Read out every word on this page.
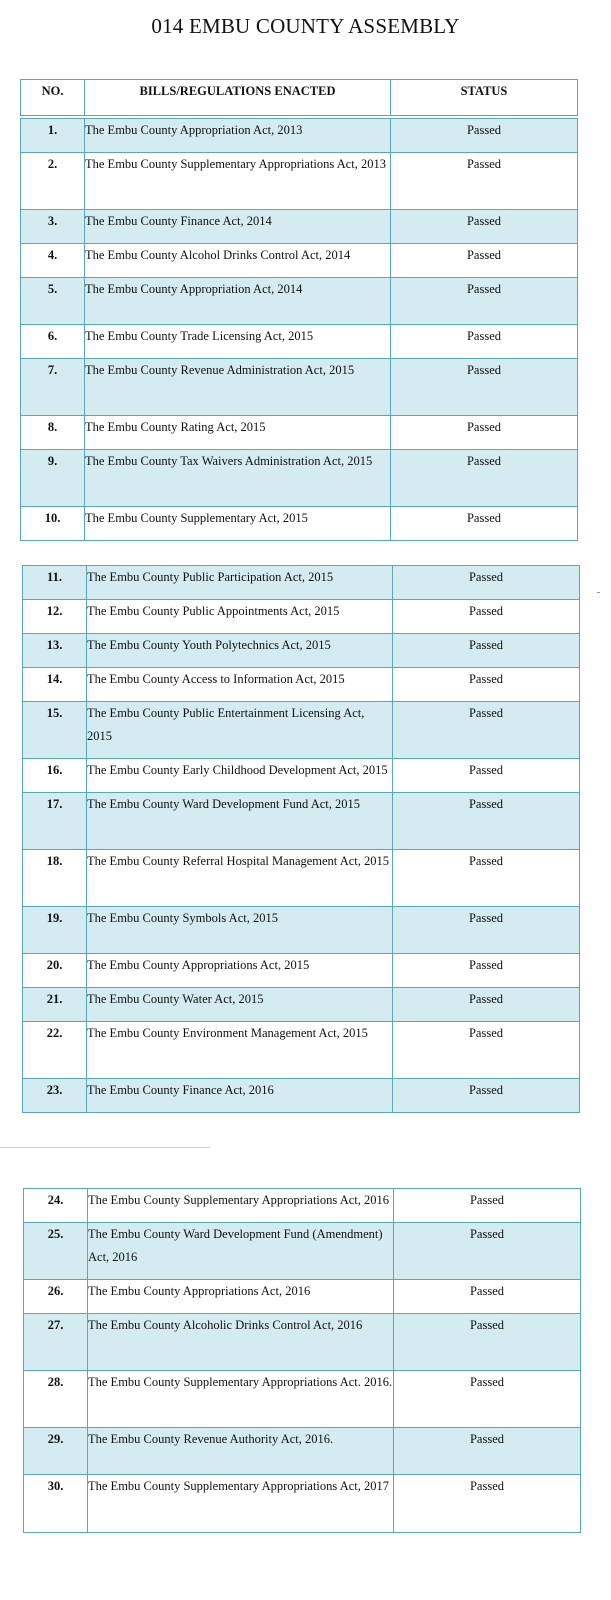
014 EMBU COUNTY ASSEMBLY
NO.	BILLS/REGULATIONS ENACTED	STATUS

1.	The Embu County Appropriation Act, 2013	Passed
2.	The Embu County Supplementary Appropriations Act, 2013	Passed
3.	The Embu County Finance Act, 2014	Passed
4.	The Embu County Alcohol Drinks Control Act, 2014	Passed
5.	The Embu County Appropriation Act, 2014	Passed
6.	The Embu County Trade Licensing Act, 2015	Passed
7.	The Embu County Revenue Administration Act, 2015	Passed
8.	The Embu County Rating Act, 2015	Passed
9.	The Embu County Tax Waivers Administration Act, 2015	Passed
10.	The Embu County Supplementary Act, 2015	Passed
11.	The Embu County Public Participation Act, 2015	Passed
12.	The Embu County Public Appointments Act, 2015	Passed
13.	The Embu County Youth Polytechnics Act, 2015	Passed
14.	The Embu County Access to Information Act, 2015	Passed
15.	The Embu County Public Entertainment Licensing Act, 2015	Passed
16.	The Embu County Early Childhood Development Act, 2015	Passed
17.	The Embu County Ward Development Fund Act, 2015	Passed
18.	The Embu County Referral Hospital Management Act, 2015	Passed
19.	The Embu County Symbols Act, 2015	Passed
20.	The Embu County Appropriations Act, 2015	Passed
21.	The Embu County Water Act, 2015	Passed
22.	The Embu County Environment Management Act, 2015	Passed
23.	The Embu County Finance Act, 2016	Passed
24.	The Embu County Supplementary Appropriations Act, 2016	Passed
25.	The Embu County Ward Development Fund (Amendment) Act, 2016	Passed
26.	The Embu County Appropriations Act, 2016	Passed
27.	The Embu County Alcoholic Drinks Control Act, 2016	Passed
28.	The Embu County Supplementary Appropriations Act. 2016.	Passed
29.	The Embu County Revenue Authority Act, 2016.	Passed
30.	The Embu County Supplementary Appropriations Act, 2017	Passed
